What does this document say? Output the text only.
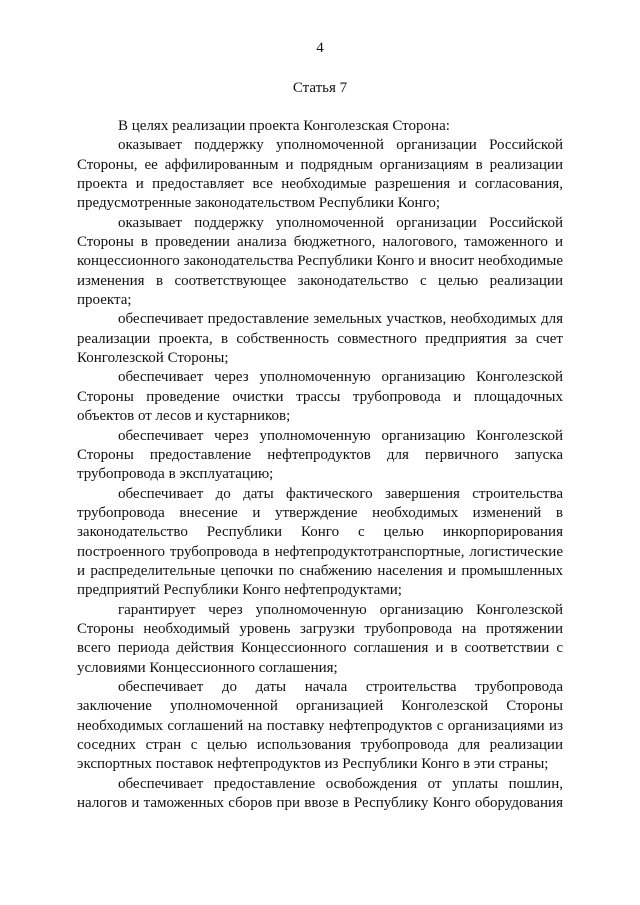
4
Статья 7

В целях реализации проекта Конголезская Сторона:

оказывает поддержку уполномоченной организации Российской Стороны, ее аффилированным и подрядным организациям в реализации проекта и предоставляет все необходимые разрешения и согласования, предусмотренные законодательством Республики Конго;

оказывает поддержку уполномоченной организации Российской Стороны в проведении анализа бюджетного, налогового, таможенного и концессионного законодательства Республики Конго и вносит необходимые изменения в соответствующее законодательство с целью реализации проекта;

обеспечивает предоставление земельных участков, необходимых для реализации проекта, в собственность совместного предприятия за счет Конголезской Стороны;

обеспечивает через уполномоченную организацию Конголезской Стороны проведение очистки трассы трубопровода и площадочных объектов от лесов и кустарников;

обеспечивает через уполномоченную организацию Конголезской Стороны предоставление нефтепродуктов для первичного запуска трубопровода в эксплуатацию;

обеспечивает до даты фактического завершения строительства трубопровода внесение и утверждение необходимых изменений в законодательство Республики Конго с целью инкорпорирования построенного трубопровода в нефтепродуктотранспортные, логистические и распределительные цепочки по снабжению населения и промышленных предприятий Республики Конго нефтепродуктами;

гарантирует через уполномоченную организацию Конголезской Стороны необходимый уровень загрузки трубопровода на протяжении всего периода действия Концессионного соглашения и в соответствии с условиями Концессионного соглашения;

обеспечивает до даты начала строительства трубопровода заключение уполномоченной организацией Конголезской Стороны необходимых соглашений на поставку нефтепродуктов с организациями из соседних стран с целью использования трубопровода для реализации экспортных поставок нефтепродуктов из Республики Конго в эти страны;

обеспечивает предоставление освобождения от уплаты пошлин, налогов и таможенных сборов при ввозе в Республику Конго оборудования
